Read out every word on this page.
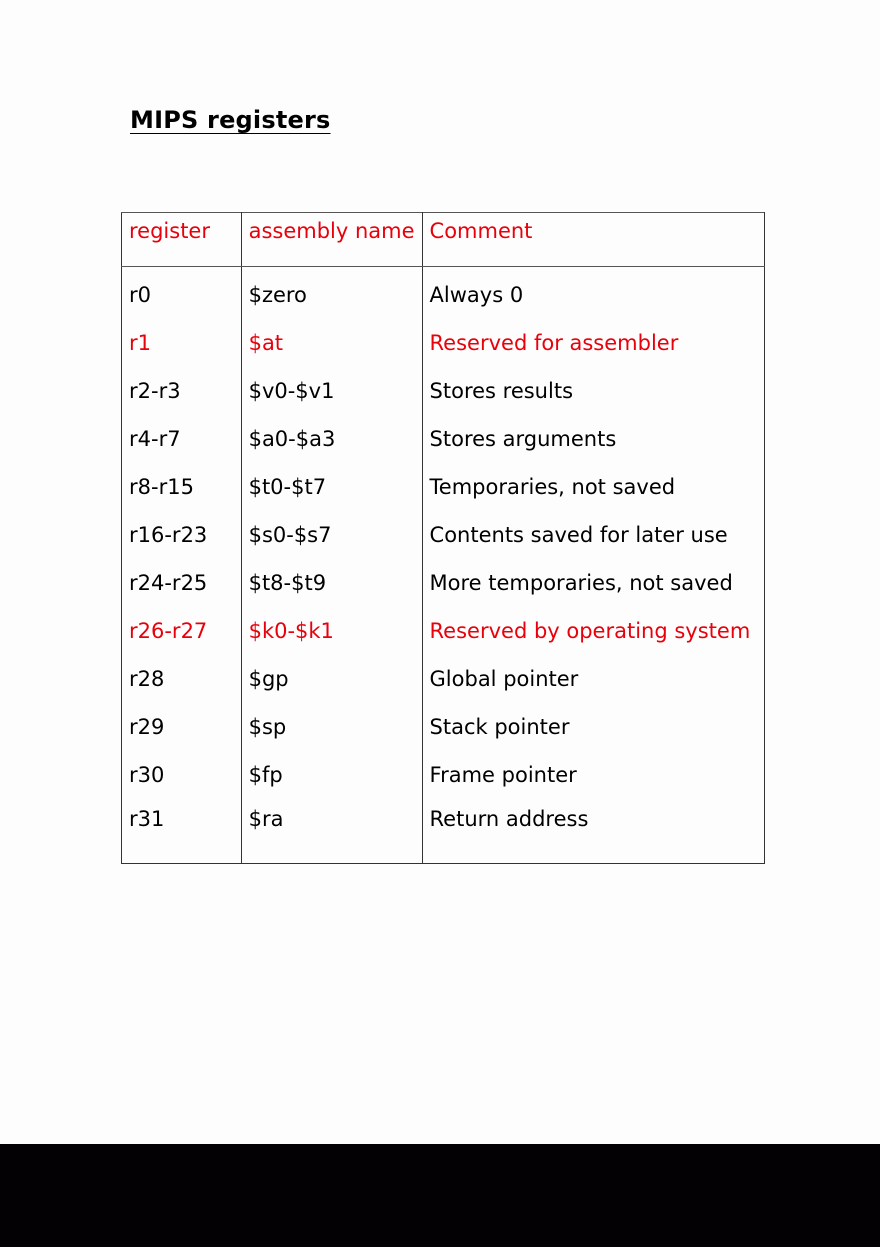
MIPS registers
register	assembly name	Comment
r0	$zero	Always 0
r1	$at	Reserved for assembler
r2-r3	$v0-$v1	Stores results
r4-r7	$a0-$a3	Stores arguments
r8-r15	$t0-$t7	Temporaries, not saved
r16-r23	$s0-$s7	Contents saved for later use
r24-r25	$t8-$t9	More temporaries, not saved
r26-r27	$k0-$k1	Reserved by operating system
r28	$gp	Global pointer
r29	$sp	Stack pointer
r30	$fp	Frame pointer
r31	$ra	Return address
